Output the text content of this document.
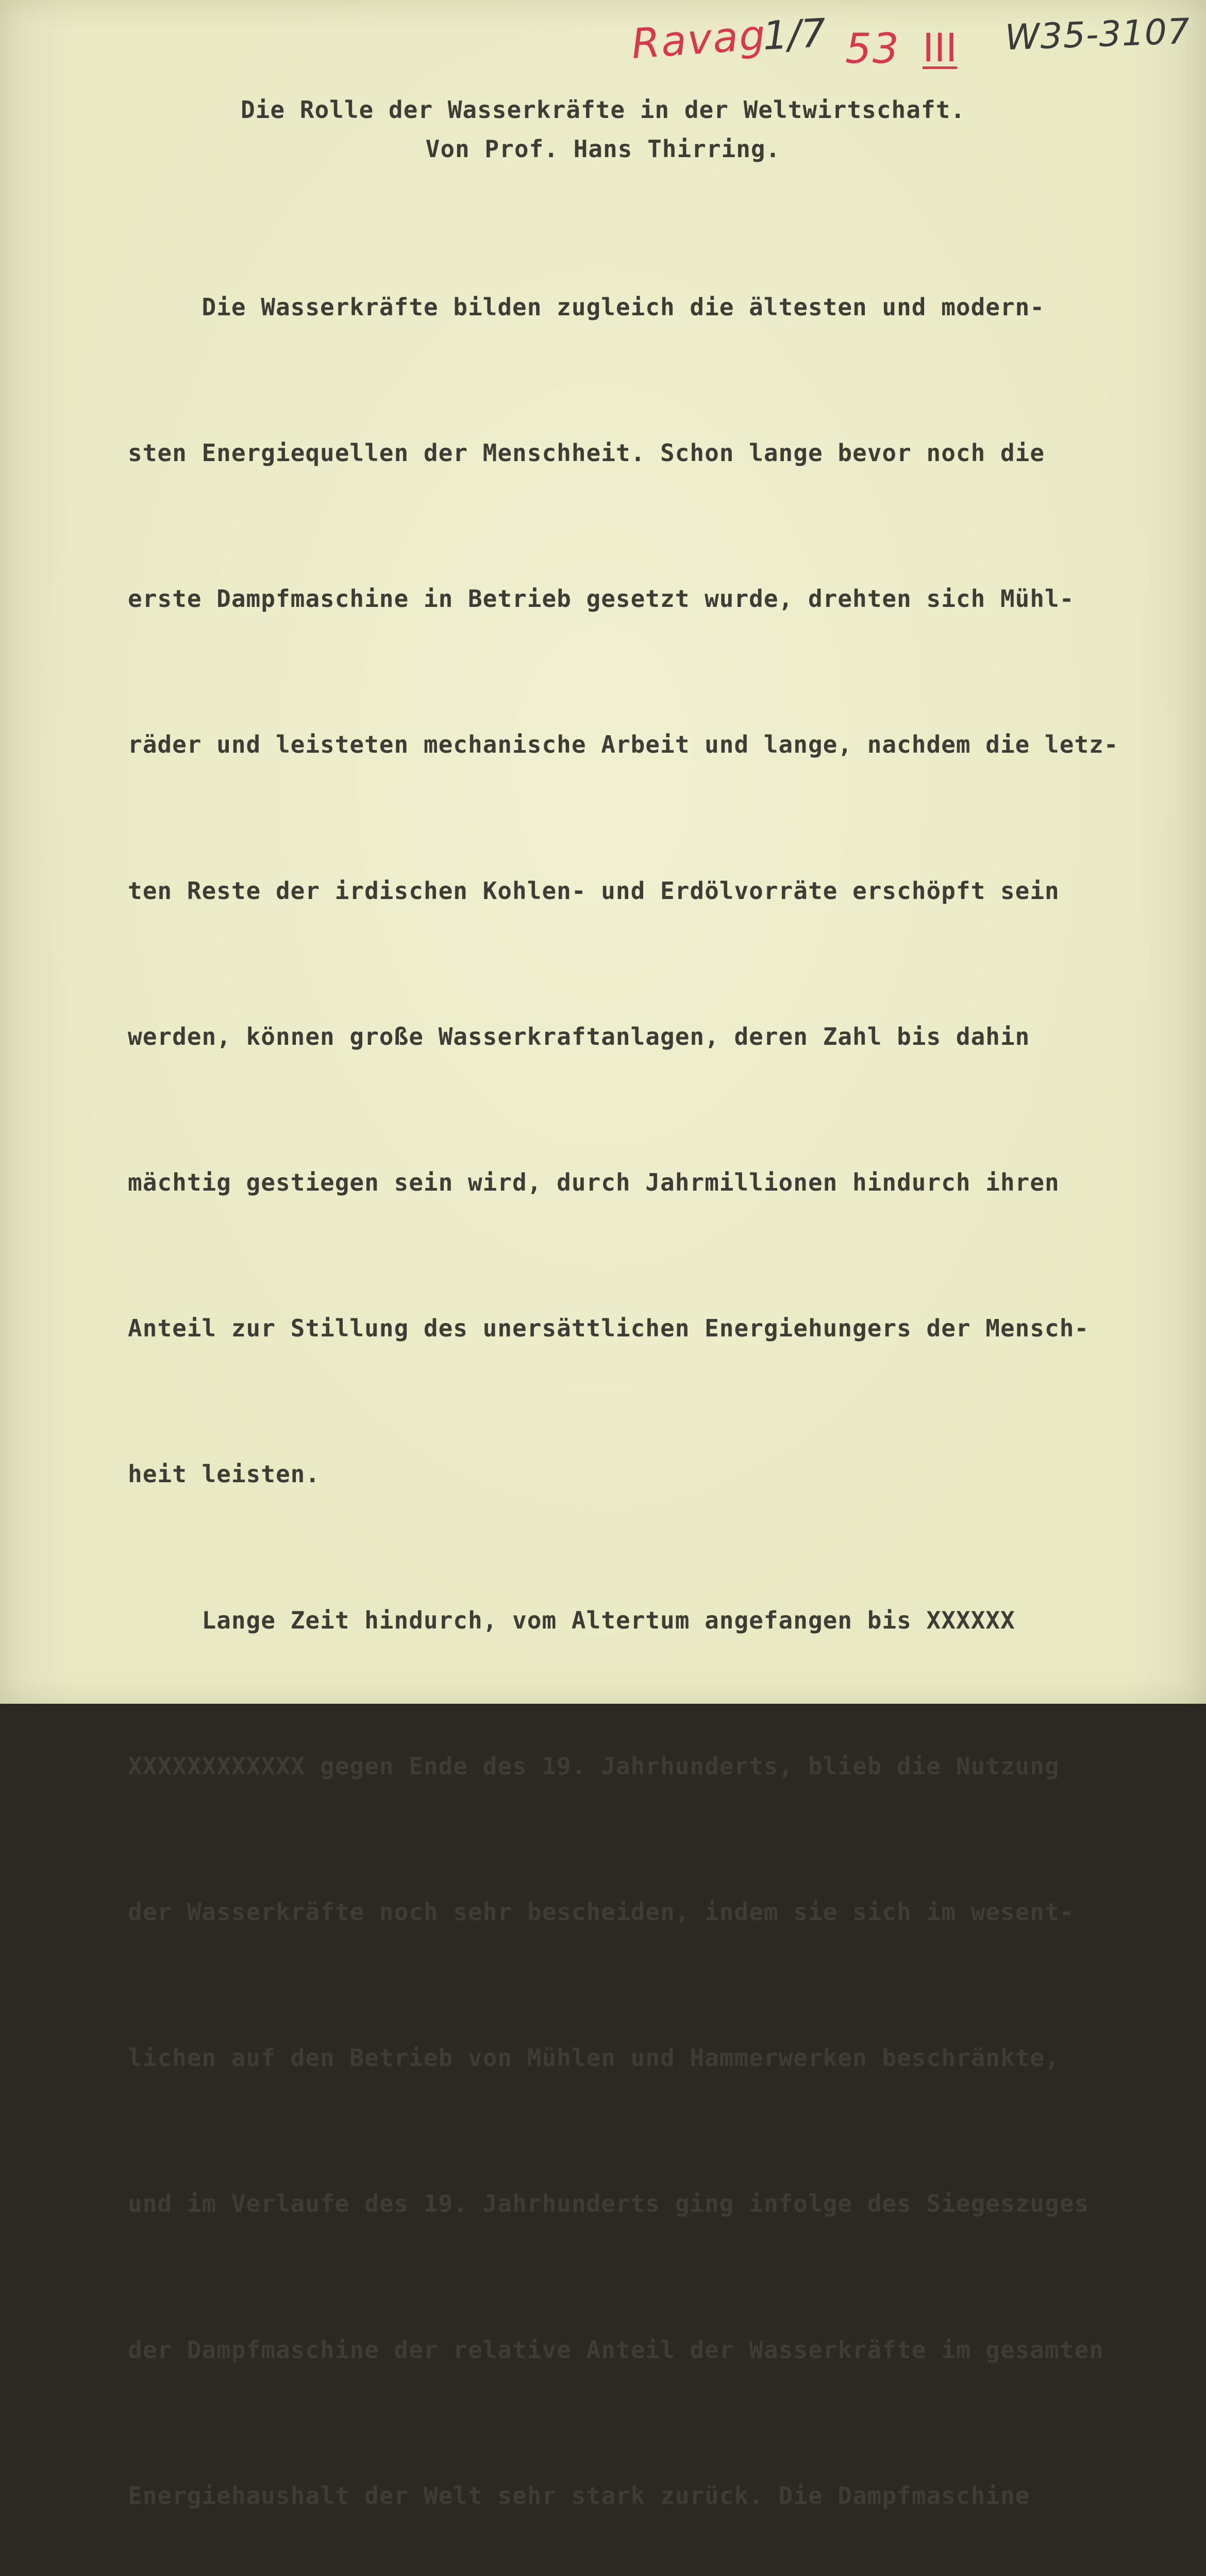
Ravag
1/7 53 III W35-3107
Die Rolle der Wasserkräfte in der Weltwirtschaft.
Von Prof. Hans Thirring.

Die Wasserkräfte bilden zugleich die ältesten und modern-

sten Energiequellen der Menschheit. Schon lange bevor noch die

erste Dampfmaschine in Betrieb gesetzt wurde, drehten sich Mühl-

räder und leisteten mechanische Arbeit und lange, nachdem die letz-

ten Reste der irdischen Kohlen- und Erdölvorräte erschöpft sein

werden, können große Wasserkraftanlagen, deren Zahl bis dahin

mächtig gestiegen sein wird, durch Jahrmillionen hindurch ihren

Anteil zur Stillung des unersättlichen Energiehungers der Mensch-

heit leisten.

Lange Zeit hindurch, vom Altertum angefangen bis XXXXXX

XXXXXXXXXXXX gegen Ende des 19. Jahrhunderts, blieb die Nutzung

der Wasserkräfte noch sehr bescheiden, indem sie sich im wesent-

lichen auf den Betrieb von Mühlen und Hammerwerken beschränkte,

und im Verlaufe des 19. Jahrhunderts ging infolge des Siegeszuges

der Dampfmaschine der relative Anteil der Wasserkräfte im gesamten

Energiehaushalt der Welt sehr stark zurück. Die Dampfmaschine
